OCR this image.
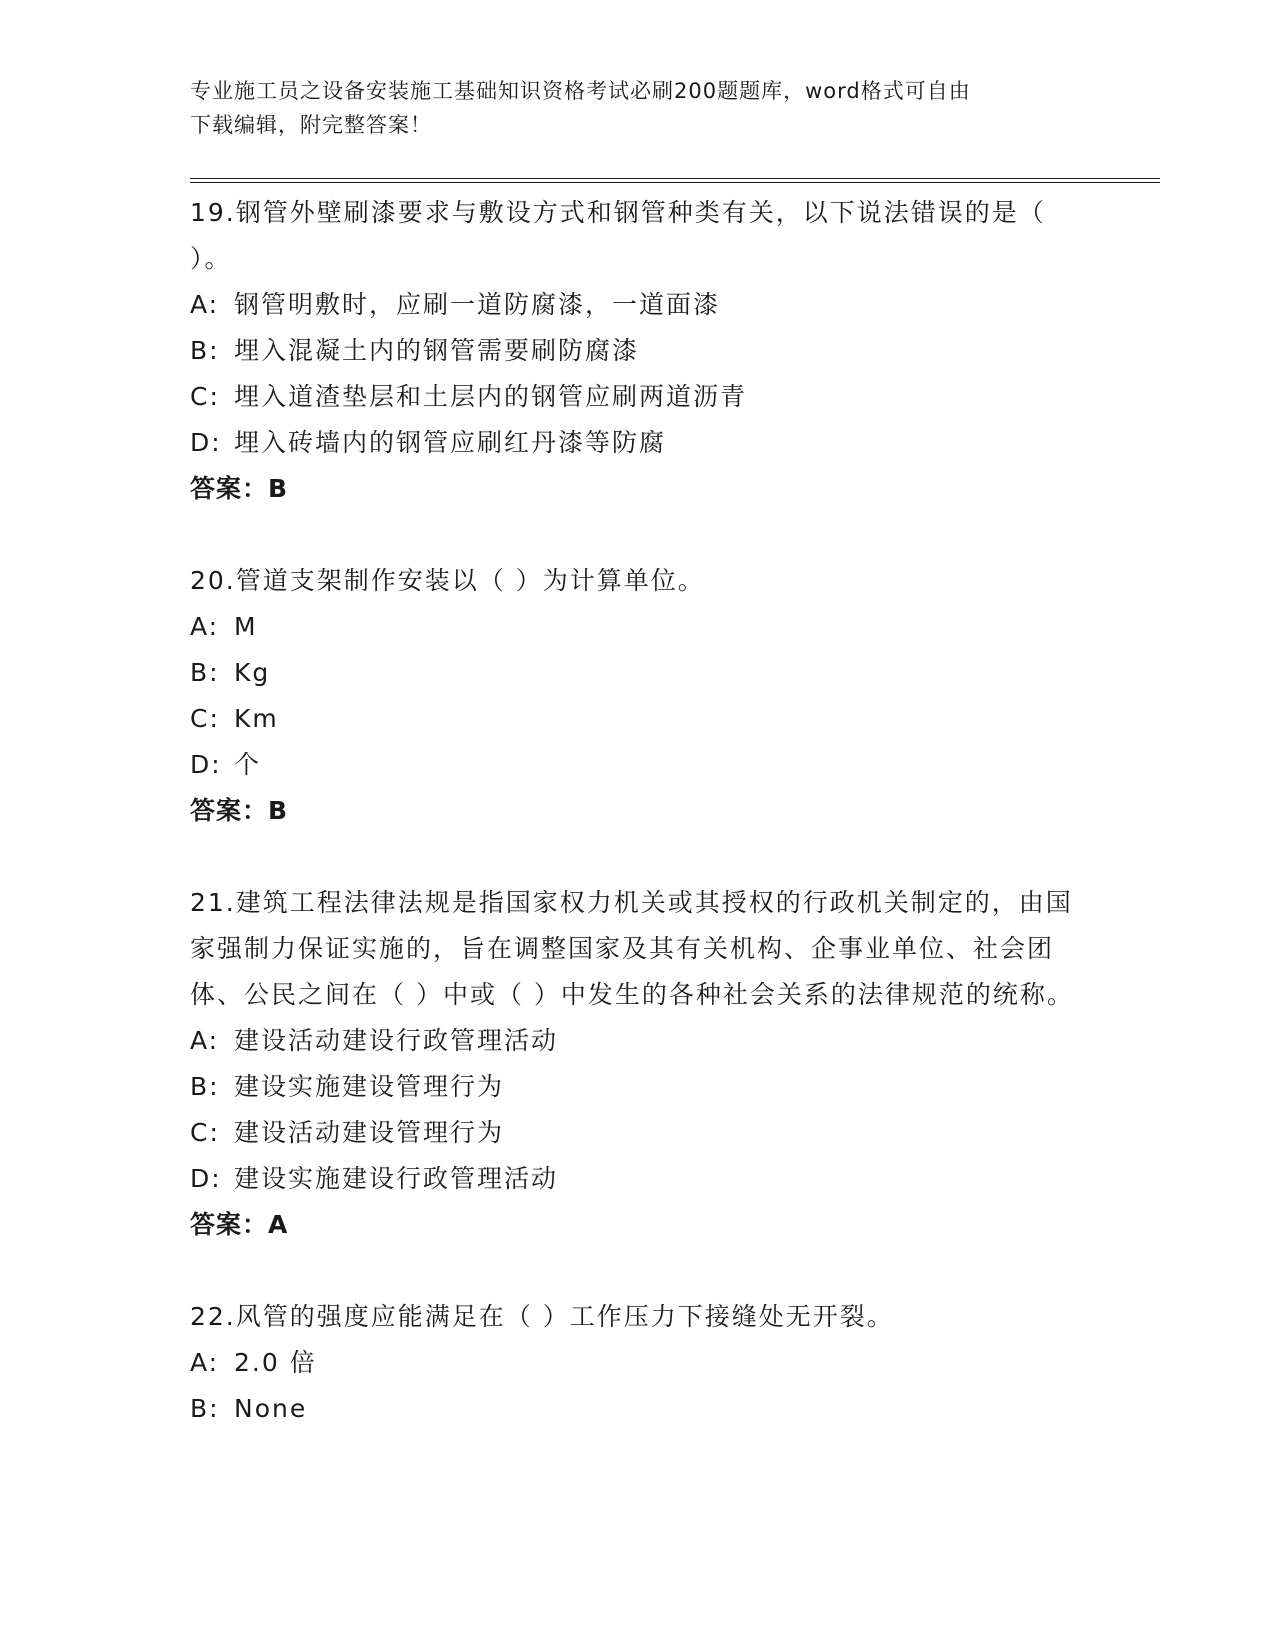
专业施工员之设备安装施工基础知识资格考试必刷200题题库，word格式可自由
下载编辑，附完整答案！

19.钢管外壁刷漆要求与敷设方式和钢管种类有关，以下说法错误的是（ ）。

A: 钢管明敷时，应刷一道防腐漆，一道面漆

B: 埋入混凝土内的钢管需要刷防腐漆

C: 埋入道渣垫层和土层内的钢管应刷两道沥青

D: 埋入砖墙内的钢管应刷红丹漆等防腐

答案：B

20.管道支架制作安装以（ ）为计算单位。

A: M

B: Kg

C: Km

D: 个

答案：B

21.建筑工程法律法规是指国家权力机关或其授权的行政机关制定的，由国家强制力保证实施的，旨在调整国家及其有关机构、企事业单位、社会团体、公民之间在（ ）中或（ ）中发生的各种社会关系的法律规范的统称。

A: 建设活动建设行政管理活动

B: 建设实施建设管理行为

C: 建设活动建设管理行为

D: 建设实施建设行政管理活动

答案：A

22.风管的强度应能满足在（ ）工作压力下接缝处无开裂。

A: 2.0 倍

B: None
